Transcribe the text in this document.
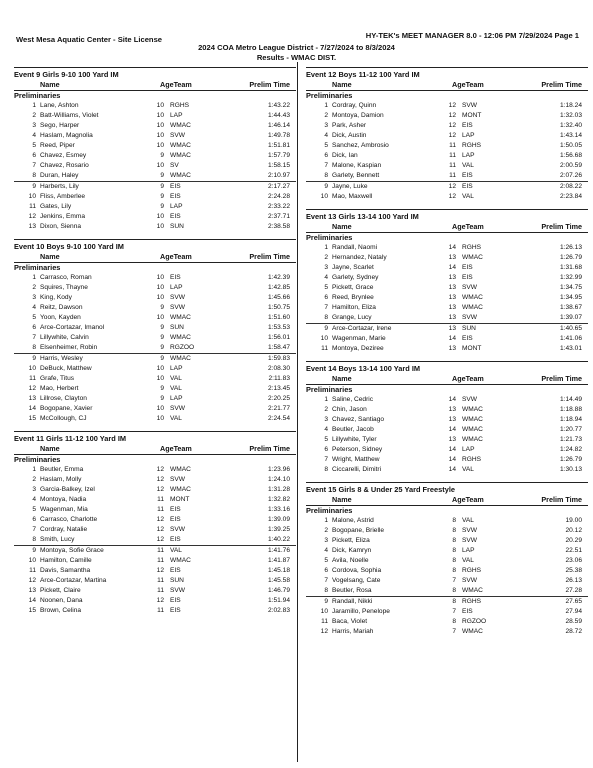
West Mesa Aquatic Center - Site License	HY-TEK's MEET MANAGER 8.0 - 12:06 PM 7/29/2024 Page 1
2024 COA Metro League District - 7/27/2024 to 8/3/2024
Results - WMAC DIST.
Event 9 Girls 9-10 100 Yard IM
Name	AgeTeam	Prelim Time
Preliminaries
1 Lane, Ashton	10 RGHS	1:43.22
2 Batt-Williams, Violet	10 LAP	1:44.43
3 Sego, Harper	10 WMAC	1:46.14
4 Haslam, Magnolia	10 SVW	1:49.78
5 Reed, Piper	10 WMAC	1:51.81
6 Chavez, Esmey	9 WMAC	1:57.79
7 Chavez, Rosario	10 SV	1:58.15
8 Duran, Haley	9 WMAC	2:10.97
9 Harberts, Lily	9 EIS	2:17.27
10 Fliss, Amberlee	9 EIS	2:24.28
11 Gates, Lily	9 LAP	2:33.22
12 Jenkins, Emma	10 EIS	2:37.71
13 Dixon, Sienna	10 SUN	2:38.58
Event 10 Boys 9-10 100 Yard IM
Name	AgeTeam	Prelim Time
Preliminaries
1 Carrasco, Roman	10 EIS	1:42.39
2 Squires, Thayne	10 LAP	1:42.85
3 King, Kody	10 SVW	1:45.66
4 Reitz, Dawson	9 SVW	1:50.75
5 Yoon, Kayden	10 WMAC	1:51.60
6 Arce-Cortazar, Imanol	9 SUN	1:53.53
7 Lillywhite, Calvin	9 WMAC	1:56.01
8 Elsenheimer, Robin	9 RGZOO	1:58.47
9 Harris, Wesley	9 WMAC	1:59.83
10 DeBuck, Matthew	10 LAP	2:08.30
11 Grafe, Titus	10 VAL	2:11.83
12 Mao, Herbert	9 VAL	2:13.45
13 Lillrose, Clayton	9 LAP	2:20.25
14 Bogopane, Xavier	10 SVW	2:21.77
15 McCollough, CJ	10 VAL	2:24.54
Event 11 Girls 11-12 100 Yard IM
Name	AgeTeam	Prelim Time
Preliminaries
1 Beutler, Emma	12 WMAC	1:23.96
2 Haslam, Molly	12 SVW	1:24.10
3 Garcia-Balkey, Izel	12 WMAC	1:31.28
4 Montoya, Nadia	11 MONT	1:32.82
5 Wagenman, Mia	11 EIS	1:33.16
6 Carrasco, Charlotte	12 EIS	1:39.09
7 Cordray, Natalie	12 SVW	1:39.25
8 Smith, Lucy	12 EIS	1:40.22
9 Montoya, Sofie Grace	11 VAL	1:41.76
10 Hamilton, Camille	11 WMAC	1:41.87
11 Davis, Samantha	12 EIS	1:45.18
12 Arce-Cortazar, Martina	11 SUN	1:45.58
13 Pickett, Claire	11 SVW	1:46.79
14 Noonen, Dana	12 EIS	1:51.94
15 Brown, Celina	11 EIS	2:02.83
Event 12 Boys 11-12 100 Yard IM
Name	AgeTeam	Prelim Time
Preliminaries
1 Cordray, Quinn	12 SVW	1:18.24
2 Montoya, Damion	12 MONT	1:32.03
3 Park, Asher	12 EIS	1:32.40
4 Dick, Austin	12 LAP	1:43.14
5 Sanchez, Ambrosio	11 RGHS	1:50.05
6 Dick, Ian	11 LAP	1:56.68
7 Malone, Kaspian	11 VAL	2:00.59
8 Garlety, Bennett	11 EIS	2:07.26
9 Jayne, Luke	12 EIS	2:08.22
10 Mao, Maxwell	12 VAL	2:23.84
Event 13 Girls 13-14 100 Yard IM
Name	AgeTeam	Prelim Time
Preliminaries
1 Randall, Naomi	14 RGHS	1:26.13
2 Hernandez, Nataly	13 WMAC	1:26.79
3 Jayne, Scarlet	14 EIS	1:31.68
4 Garlety, Sydney	13 EIS	1:32.99
5 Pickett, Grace	13 SVW	1:34.75
6 Reed, Brynlee	13 WMAC	1:34.95
7 Hamilton, Eliza	13 WMAC	1:38.67
8 Grange, Lucy	13 SVW	1:39.07
9 Arce-Cortazar, Irene	13 SUN	1:40.65
10 Wagenman, Marie	14 EIS	1:41.06
11 Montoya, Deziree	13 MONT	1:43.01
Event 14 Boys 13-14 100 Yard IM
Name	AgeTeam	Prelim Time
Preliminaries
1 Saline, Cedric	14 SVW	1:14.49
2 Chin, Jason	13 WMAC	1:18.88
3 Chavez, Santiago	13 WMAC	1:18.94
4 Beutler, Jacob	14 WMAC	1:20.77
5 Lillywhite, Tyler	13 WMAC	1:21.73
6 Peterson, Sidney	14 LAP	1:24.82
7 Wright, Matthew	14 RGHS	1:26.79
8 Ciccarelli, Dimitri	14 VAL	1:30.13
Event 15 Girls 8 & Under 25 Yard Freestyle
Name	AgeTeam	Prelim Time
Preliminaries
1 Malone, Astrid	8 VAL	19.00
2 Bogopane, Brielle	8 SVW	20.12
3 Pickett, Eliza	8 SVW	20.29
4 Dick, Kamryn	8 LAP	22.51
5 Avila, Noelle	8 VAL	23.06
6 Cordova, Sophia	8 RGHS	25.38
7 Vogelsang, Cate	7 SVW	26.13
8 Beutler, Rosa	8 WMAC	27.28
9 Randall, Nikki	8 RGHS	27.65
10 Jaramillo, Penelope	7 EIS	27.94
11 Baca, Violet	8 RGZOO	28.59
12 Harris, Mariah	7 WMAC	28.72
